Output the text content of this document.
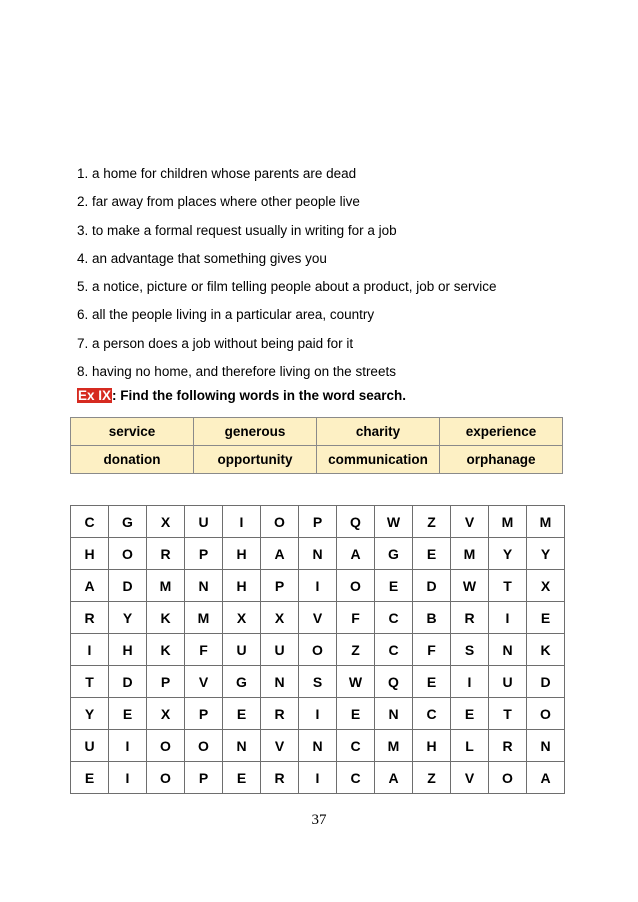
1. a home for children whose parents are dead
2. far away from places where other people live
3. to make a formal request usually in writing for a job
4. an advantage that something gives you
5. a notice, picture or film telling people about a product, job or service
6. all the people living in a particular area, country
7. a person does a job without being paid for it
8. having no home, and therefore living on the streets
Ex IX: Find the following words in the word search.
service	generous	charity	experience
donation	opportunity	communication	orphanage
C	G	X	U	I	O	P	Q	W	Z	V	M	M
H	O	R	P	H	A	N	A	G	E	M	Y	Y
A	D	M	N	H	P	I	O	E	D	W	T	X
R	Y	K	M	X	X	V	F	C	B	R	I	E
I	H	K	F	U	U	O	Z	C	F	S	N	K
T	D	P	V	G	N	S	W	Q	E	I	U	D
Y	E	X	P	E	R	I	E	N	C	E	T	O
U	I	O	O	N	V	N	C	M	H	L	R	N
E	I	O	P	E	R	I	C	A	Z	V	O	A
37
